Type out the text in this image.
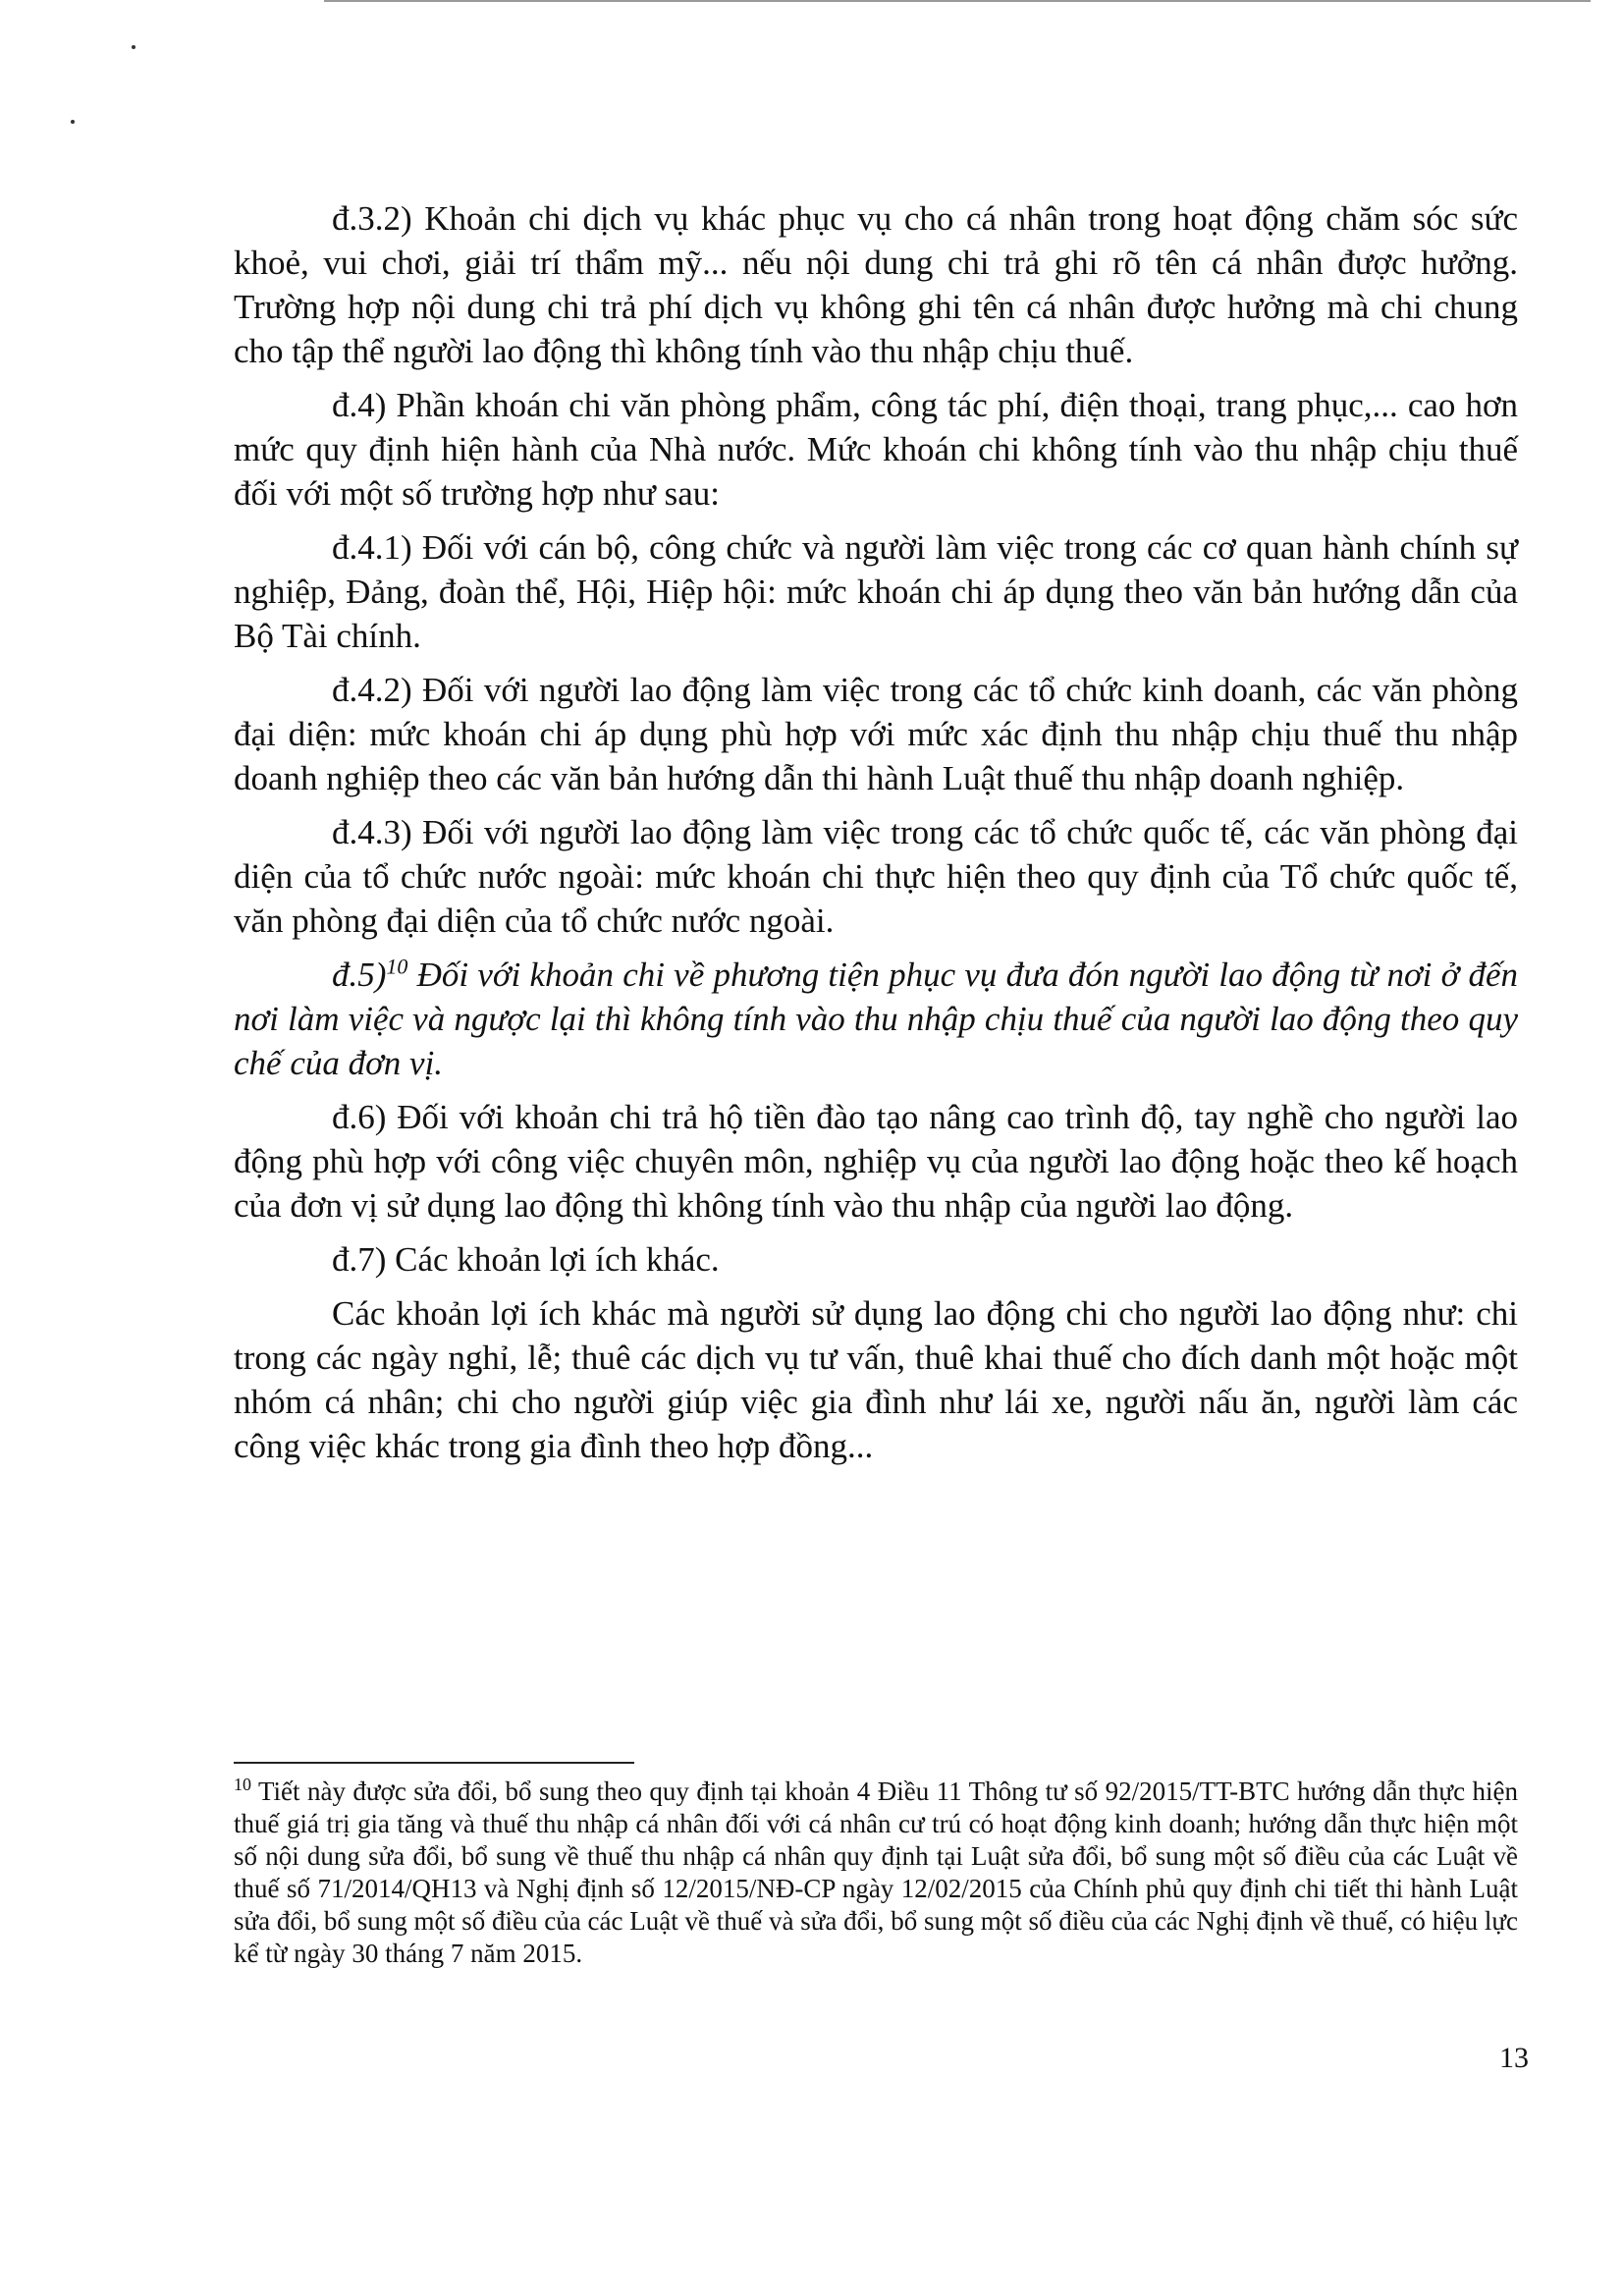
đ.3.2) Khoản chi dịch vụ khác phục vụ cho cá nhân trong hoạt động chăm sóc sức khoẻ, vui chơi, giải trí thẩm mỹ... nếu nội dung chi trả ghi rõ tên cá nhân được hưởng. Trường hợp nội dung chi trả phí dịch vụ không ghi tên cá nhân được hưởng mà chi chung cho tập thể người lao động thì không tính vào thu nhập chịu thuế.

đ.4) Phần khoán chi văn phòng phẩm, công tác phí, điện thoại, trang phục,... cao hơn mức quy định hiện hành của Nhà nước. Mức khoán chi không tính vào thu nhập chịu thuế đối với một số trường hợp như sau:

đ.4.1) Đối với cán bộ, công chức và người làm việc trong các cơ quan hành chính sự nghiệp, Đảng, đoàn thể, Hội, Hiệp hội: mức khoán chi áp dụng theo văn bản hướng dẫn của Bộ Tài chính.

đ.4.2) Đối với người lao động làm việc trong các tổ chức kinh doanh, các văn phòng đại diện: mức khoán chi áp dụng phù hợp với mức xác định thu nhập chịu thuế thu nhập doanh nghiệp theo các văn bản hướng dẫn thi hành Luật thuế thu nhập doanh nghiệp.

đ.4.3) Đối với người lao động làm việc trong các tổ chức quốc tế, các văn phòng đại diện của tổ chức nước ngoài: mức khoán chi thực hiện theo quy định của Tổ chức quốc tế, văn phòng đại diện của tổ chức nước ngoài.

đ.5)$^{10}$ Đối với khoản chi về phương tiện phục vụ đưa đón người lao động từ nơi ở đến nơi làm việc và ngược lại thì không tính vào thu nhập chịu thuế của người lao động theo quy chế của đơn vị.

đ.6) Đối với khoản chi trả hộ tiền đào tạo nâng cao trình độ, tay nghề cho người lao động phù hợp với công việc chuyên môn, nghiệp vụ của người lao động hoặc theo kế hoạch của đơn vị sử dụng lao động thì không tính vào thu nhập của người lao động.

đ.7) Các khoản lợi ích khác.

Các khoản lợi ích khác mà người sử dụng lao động chi cho người lao động như: chi trong các ngày nghỉ, lễ; thuê các dịch vụ tư vấn, thuê khai thuế cho đích danh một hoặc một nhóm cá nhân; chi cho người giúp việc gia đình như lái xe, người nấu ăn, người làm các công việc khác trong gia đình theo hợp đồng...

$^{10}$ Tiết này được sửa đổi, bổ sung theo quy định tại khoản 4 Điều 11 Thông tư số 92/2015/TT-BTC hướng dẫn thực hiện thuế giá trị gia tăng và thuế thu nhập cá nhân đối với cá nhân cư trú có hoạt động kinh doanh; hướng dẫn thực hiện một số nội dung sửa đổi, bổ sung về thuế thu nhập cá nhân quy định tại Luật sửa đổi, bổ sung một số điều của các Luật về thuế số 71/2014/QH13 và Nghị định số 12/2015/NĐ-CP ngày 12/02/2015 của Chính phủ quy định chi tiết thi hành Luật sửa đổi, bổ sung một số điều của các Luật về thuế và sửa đổi, bổ sung một số điều của các Nghị định về thuế, có hiệu lực kể từ ngày 30 tháng 7 năm 2015.

13
